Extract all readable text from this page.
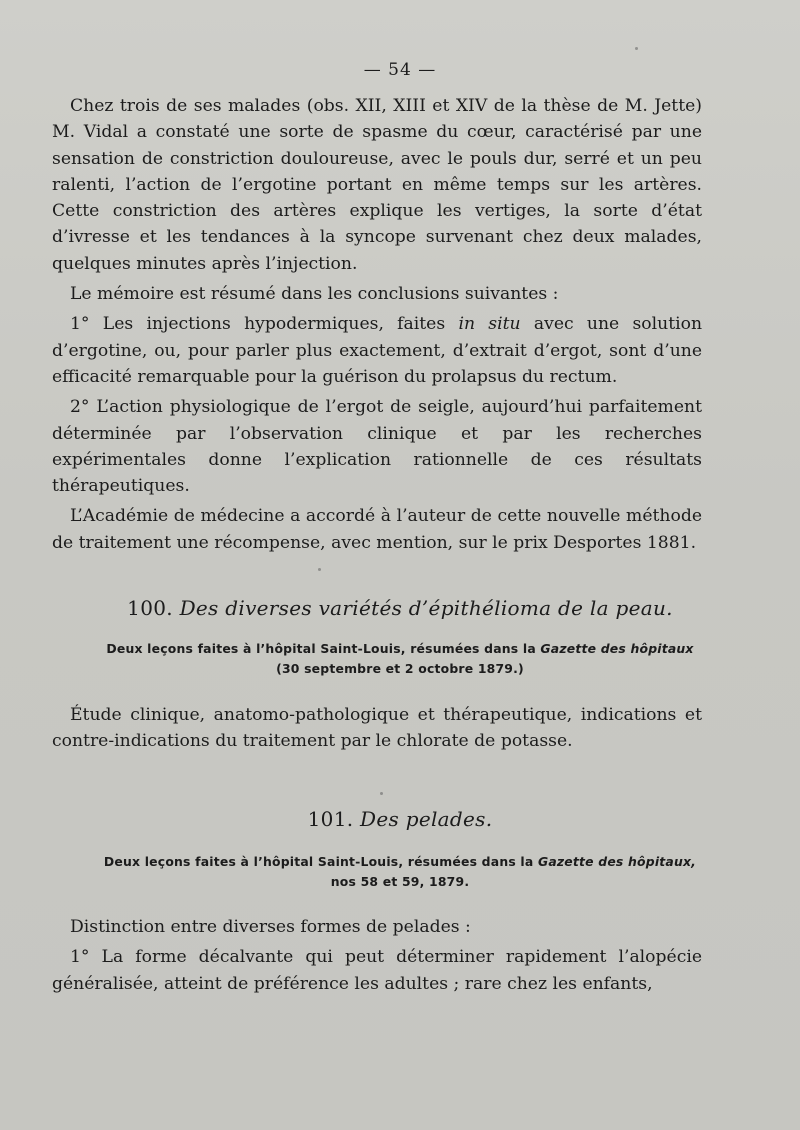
— 54 —

Chez trois de ses malades (obs. XII, XIII et XIV de la thèse de M. Jette) M. Vidal a constaté une sorte de spasme du cœur, caractérisé par une sensation de constriction douloureuse, avec le pouls dur, serré et un peu ralenti, l’action de l’ergotine portant en même temps sur les artères. Cette constriction des artères explique les vertiges, la sorte d’état d’ivresse et les tendances à la syncope survenant chez deux malades, quelques minutes après l’injection.

Le mémoire est résumé dans les conclusions suivantes :

1° Les injections hypodermiques, faites in situ avec une solution d’ergotine, ou, pour parler plus exactement, d’extrait d’ergot, sont d’une efficacité remarquable pour la guérison du prolapsus du rectum.

2° L’action physiologique de l’ergot de seigle, aujourd’hui parfaitement déterminée par l’observation clinique et par les recherches expérimentales donne l’explication rationnelle de ces résultats thérapeutiques.

L’Académie de médecine a accordé à l’auteur de cette nouvelle méthode de traitement une récompense, avec mention, sur le prix Desportes 1881.

100. Des diverses variétés d’épithélioma de la peau.
Deux leçons faites à l’hôpital Saint-Louis, résumées dans la Gazette des hôpitaux
(30 septembre et 2 octobre 1879.)

Étude clinique, anatomo-pathologique et thérapeutique, indications et contre-indications du traitement par le chlorate de potasse.

101. Des pelades.
Deux leçons faites à l’hôpital Saint-Louis, résumées dans la Gazette des hôpitaux,
nos 58 et 59, 1879.

Distinction entre diverses formes de pelades :

1° La forme décalvante qui peut déterminer rapidement l’alopécie généralisée, atteint de préférence les adultes ; rare chez les enfants,
